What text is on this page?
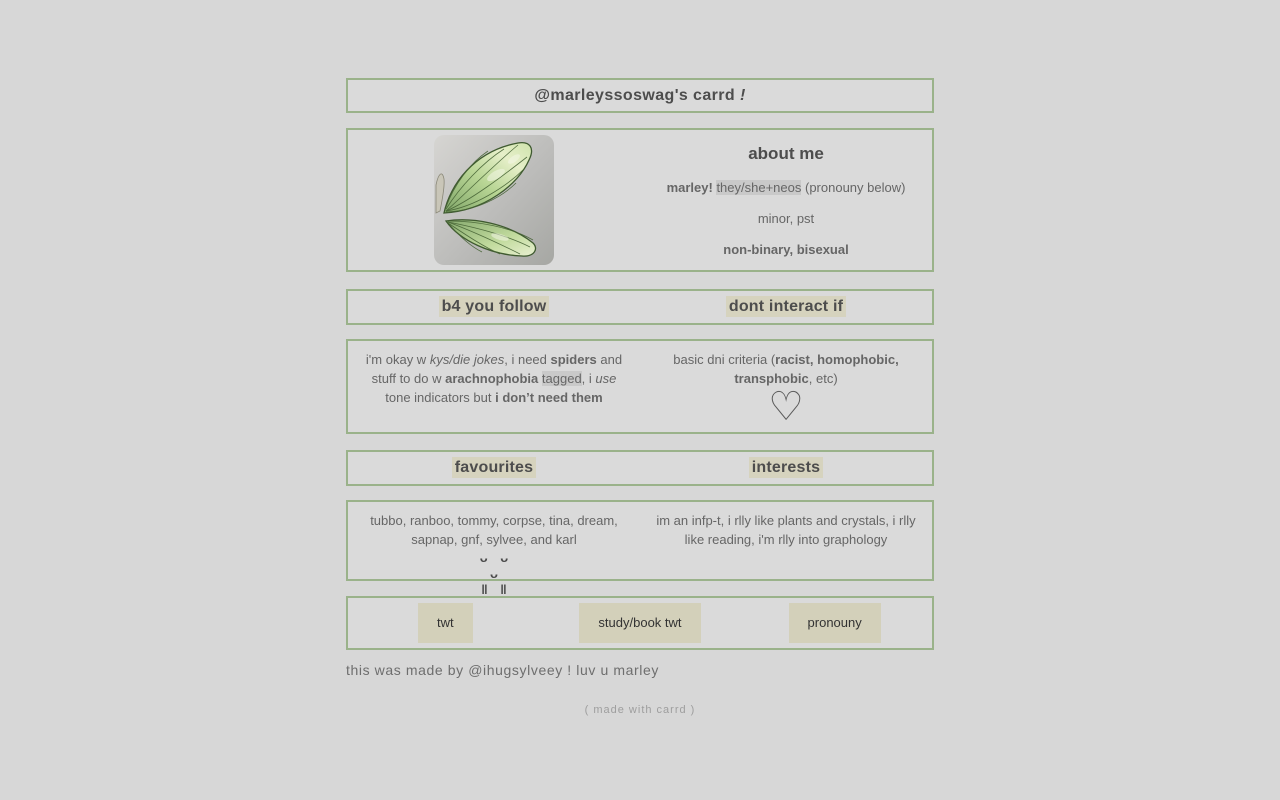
@marleyssoswag's carrd !
about me

marley! they/she+neos (pronouny below)

minor, pst

non-binary, bisexual

b4 you follow	dont interact if

i'm okay w kys/die jokes, i need spiders and stuff to do w arachnophobia tagged, i use tone indicators but i don’t need them

basic dni criteria (racist, homophobic, transphobic, etc)

♡
favourites	interests

tubbo, ranboo, tommy, corpse, tina, dream, sapnap, gnf, sylvee, and karl

ᴗ ᴗ
ᴗ
‖ ‖

im an infp-t, i rlly like plants and crystals, i rlly like reading, i'm rlly into graphology

twt	study/book twt	pronouny

this was made by @ihugsylveey ! luv u marley

( made with carrd )
